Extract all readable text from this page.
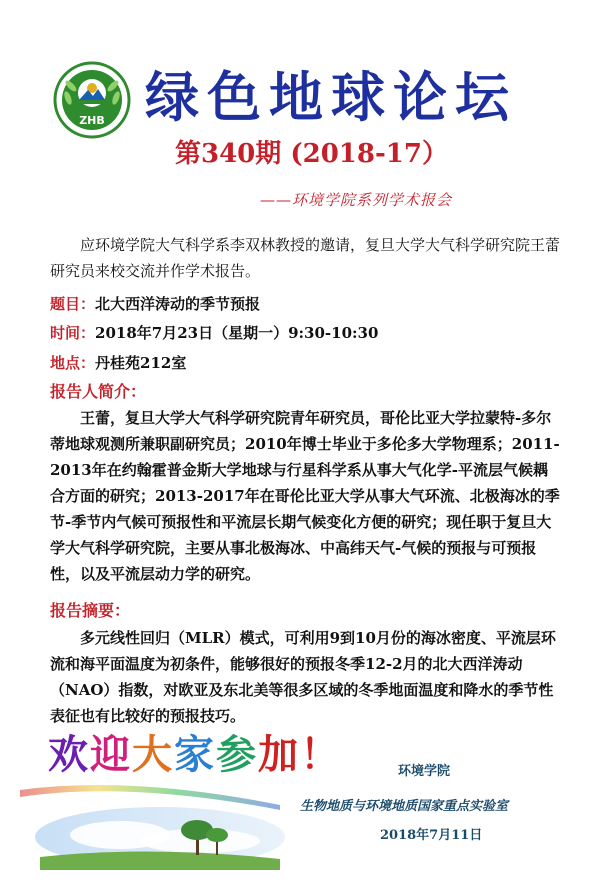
ZHB 绿色地球论坛
第340期 (2018-17）
——环境学院系列学术报会
应环境学院大气科学系李双林教授的邀请，复旦大学大气科学研究院王蕾研究员来校交流并作学术报告。
题目：北大西洋涛动的季节预报
时间：2018年7月23日（星期一）9:30-10:30
地点：丹桂苑212室
报告人简介：
王蕾，复旦大学大气科学研究院青年研究员，哥伦比亚大学拉蒙特-多尔蒂地球观测所兼职副研究员；2010年博士毕业于多伦多大学物理系；2011-2013年在约翰霍普金斯大学地球与行星科学系从事大气化学-平流层气候耦合方面的研究；2013-2017年在哥伦比亚大学从事大气环流、北极海冰的季节-季节内气候可预报性和平流层长期气候变化方便的研究；现任职于复旦大学大气科学研究院，主要从事北极海冰、中高纬天气-气候的预报与可预报性，以及平流层动力学的研究。
报告摘要：
多元线性回归（MLR）模式，可利用9到10月份的海冰密度、平流层环流和海平面温度为初条件，能够很好的预报冬季12-2月的北大西洋涛动（NAO）指数，对欧亚及东北美等很多区域的冬季地面温度和降水的季节性表征也有比较好的预报技巧。
欢迎大家参加！	环境学院
生物地质与环境地质国家重点实验室
2018年7月11日
